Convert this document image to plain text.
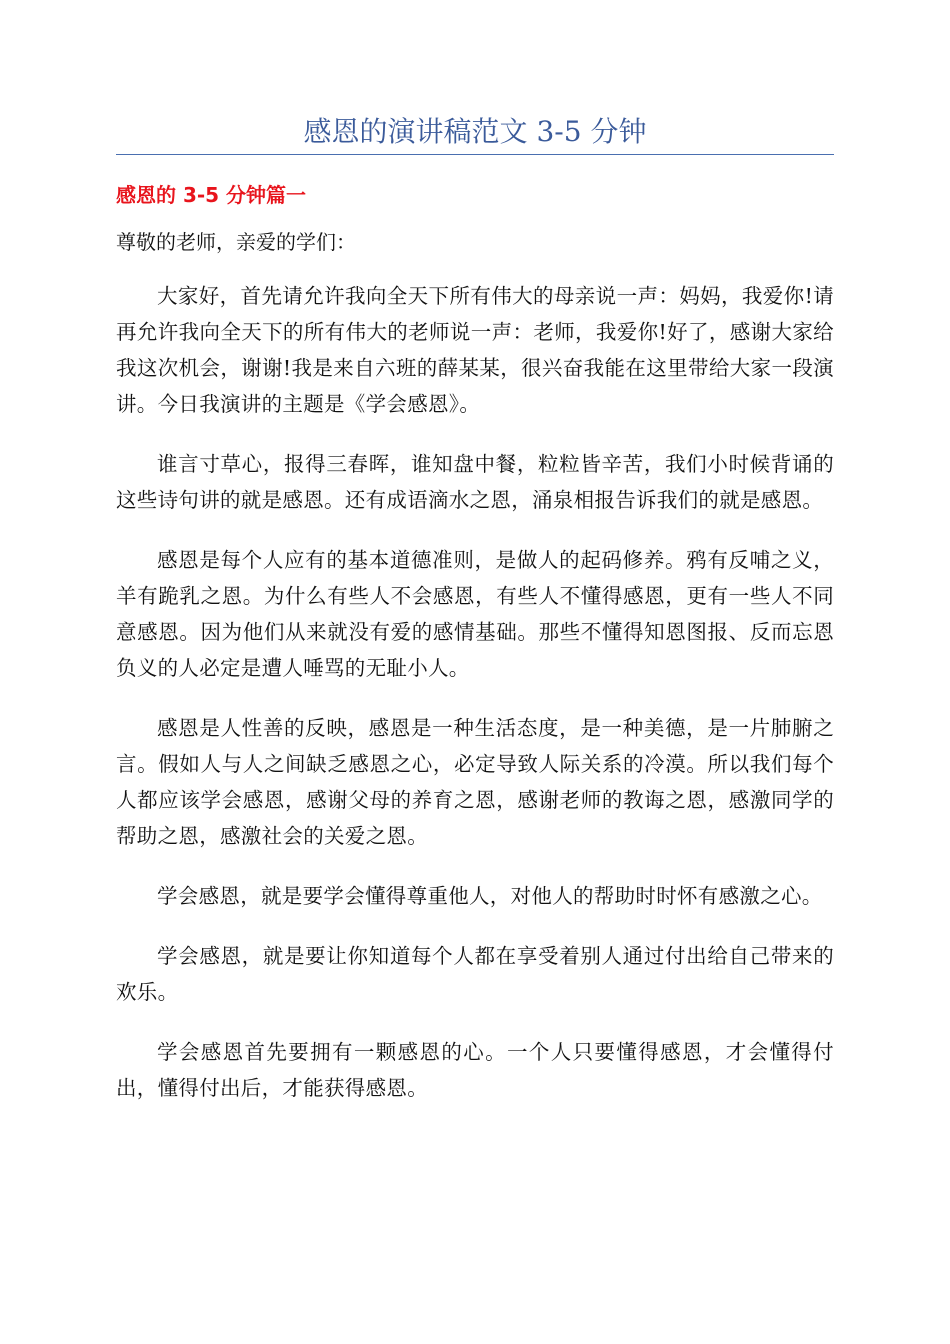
感恩的演讲稿范文 3-5 分钟
感恩的 3-5 分钟篇一

尊敬的老师，亲爱的学们：

大家好，首先请允许我向全天下所有伟大的母亲说一声：妈妈，我爱你!请再允许我向全天下的所有伟大的老师说一声：老师，我爱你!好了，感谢大家给我这次机会，谢谢!我是来自六班的薛某某，很兴奋我能在这里带给大家一段演讲。今日我演讲的主题是《学会感恩》。

谁言寸草心，报得三春晖，谁知盘中餐，粒粒皆辛苦，我们小时候背诵的这些诗句讲的就是感恩。还有成语滴水之恩，涌泉相报告诉我们的就是感恩。

感恩是每个人应有的基本道德准则，是做人的起码修养。鸦有反哺之义，羊有跪乳之恩。为什么有些人不会感恩，有些人不懂得感恩，更有一些人不同意感恩。因为他们从来就没有爱的感情基础。那些不懂得知恩图报、反而忘恩负义的人必定是遭人唾骂的无耻小人。

感恩是人性善的反映，感恩是一种生活态度，是一种美德，是一片肺腑之言。假如人与人之间缺乏感恩之心，必定导致人际关系的冷漠。所以我们每个人都应该学会感恩，感谢父母的养育之恩，感谢老师的教诲之恩，感激同学的帮助之恩，感激社会的关爱之恩。

学会感恩，就是要学会懂得尊重他人，对他人的帮助时时怀有感激之心。

学会感恩，就是要让你知道每个人都在享受着别人通过付出给自己带来的欢乐。

学会感恩首先要拥有一颗感恩的心。一个人只要懂得感恩，才会懂得付出，懂得付出后，才能获得感恩。
